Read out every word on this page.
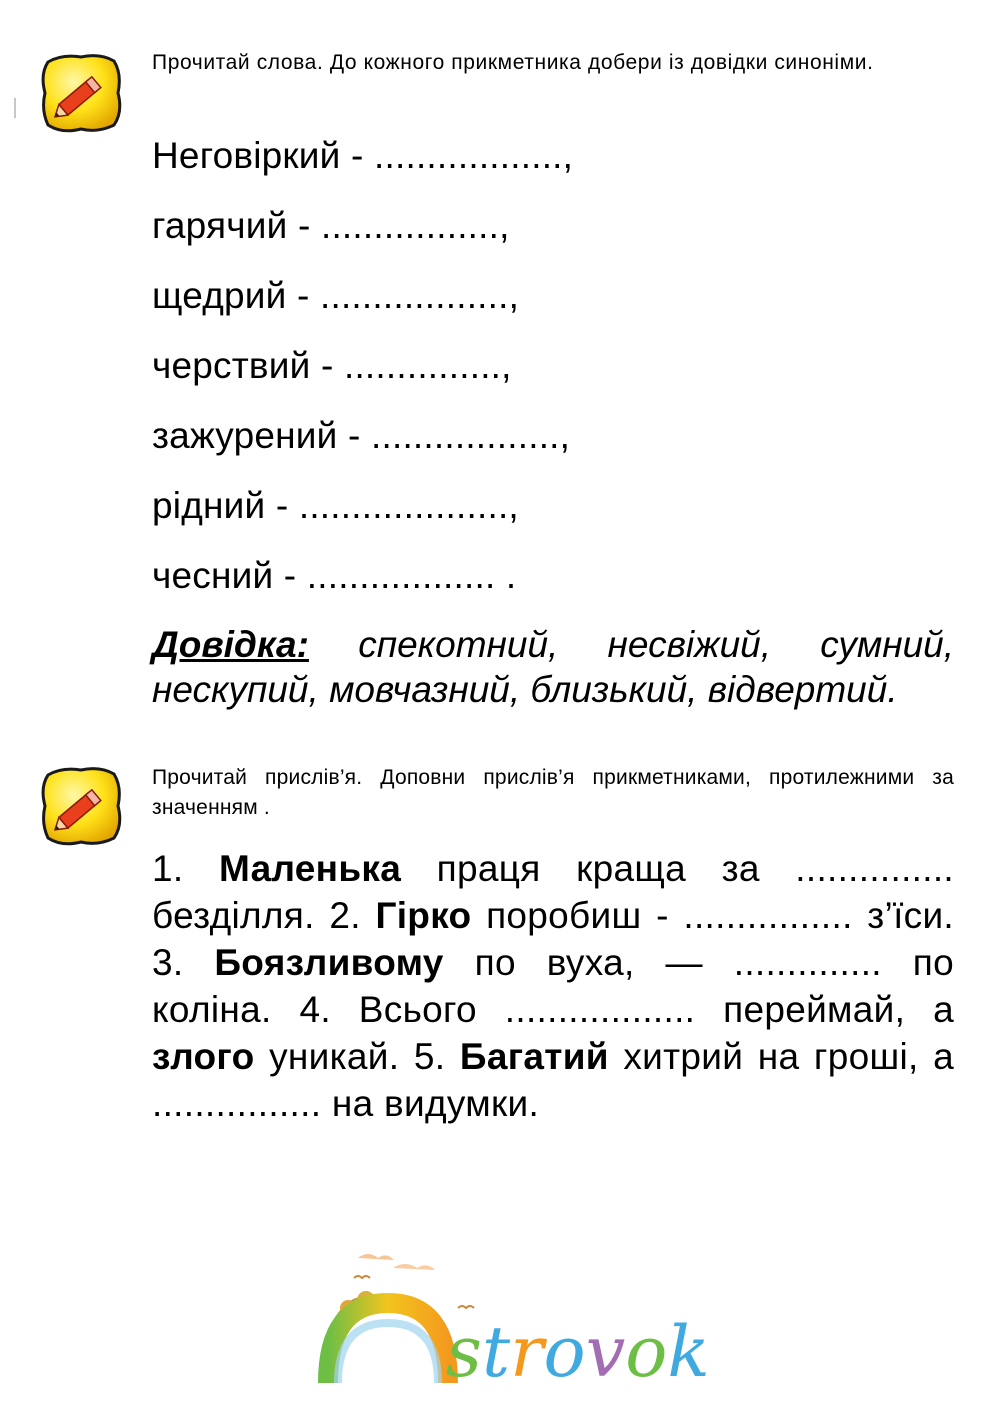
Прочитай слова. До кожного прикметника добери із довідки синоніми.
Неговіркий - ..................,
гарячий - .................,
щедрий - ..................,
черствий - ...............,
зажурений - ..................,
рідний - ....................,
чесний - .................. .
Довідка: спекотний, несвіжий, сумний, нескупий, мовчазний, близький, відвертий.
Прочитай прислів’я. Доповни прислів’я прикметниками, протилежними за значенням .
1. Маленька праця краща за ............... безділля. 2. Гірко поробиш - ................ з’їси. 3. Боязливому по вуха, — .............. по коліна. 4. Всього .................. переймай, а злого уникай. 5. Багатий хитрий на гроші, а ................ на видумки.
strovok
